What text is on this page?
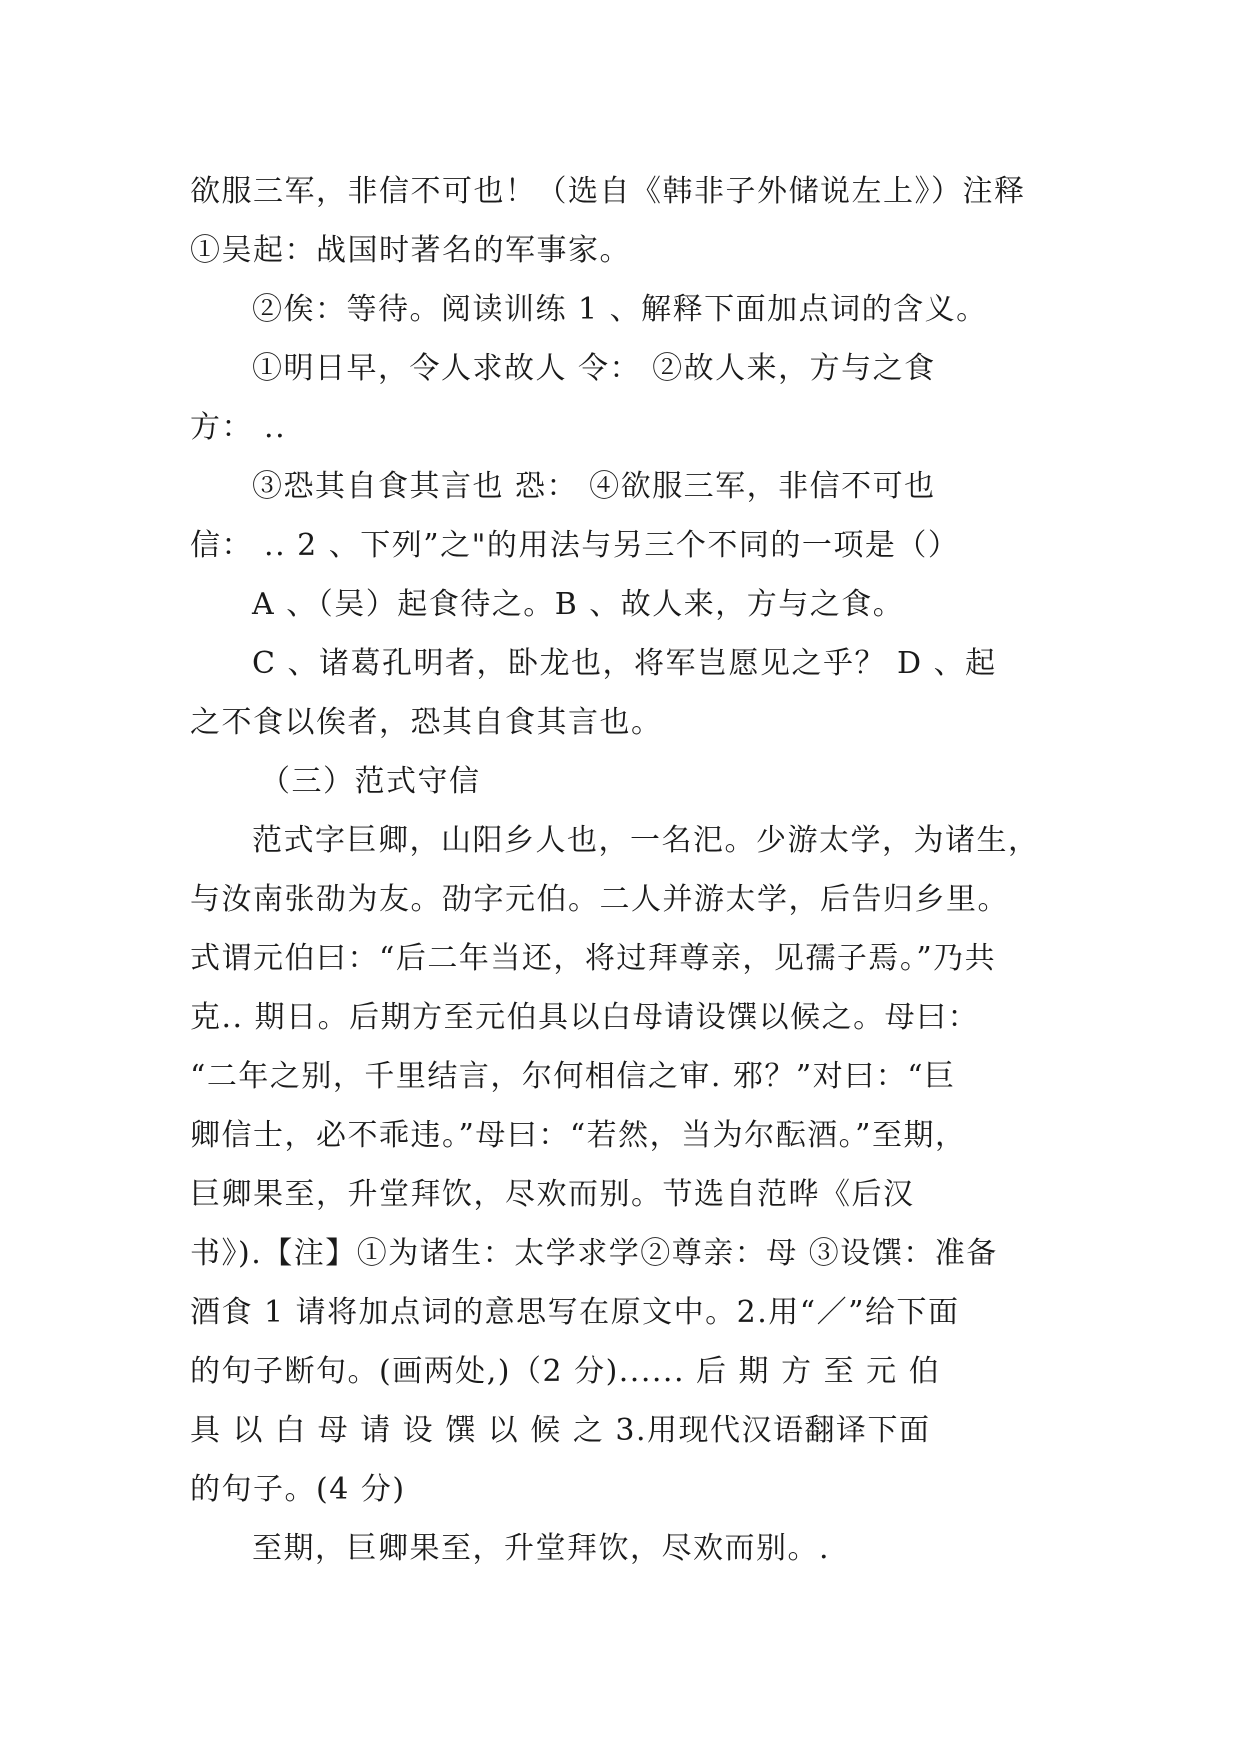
欲服三军，非信不可也！（选自《韩非子外储说左上》）注释
①吴起：战国时著名的军事家。
②俟：等待。阅读训练 1 、解释下面加点词的含义。
①明日早，令人求故人 令： ②故人来，方与之食
方： ..
③恐其自食其言也 恐： ④欲服三军，非信不可也
信： .. 2 、下列”之"的用法与另三个不同的一项是（）
A 、（吴）起食待之。B 、故人来，方与之食。
C 、诸葛孔明者，卧龙也，将军岂愿见之乎？ D 、起
之不食以俟者，恐其自食其言也。
（三）范式守信
范式字巨卿，山阳乡人也，一名汜。少游太学，为诸生，
与汝南张劭为友。劭字元伯。二人并游太学，后告归乡里。
式谓元伯曰：“后二年当还，将过拜尊亲，见孺子焉。”乃共
克.. 期日。后期方至元伯具以白母请设馔以候之。母曰：
“二年之别，千里结言，尔何相信之审. 邪？”对曰：“巨
卿信士，必不乖违。”母曰：“若然，当为尔酝酒。”至期，
巨卿果至，升堂拜饮，尽欢而别。节选自范晔《后汉
书》).【注】①为诸生：太学求学②尊亲：母 ③设馔：准备
酒食 1 请将加点词的意思写在原文中。2.用“／”给下面
的句子断句。(画两处,)（2 分)...... 后 期 方 至 元 伯
具 以 白 母 请 设 馔 以 候 之 3.用现代汉语翻译下面
的句子。(4 分)
至期，巨卿果至，升堂拜饮，尽欢而别。.
